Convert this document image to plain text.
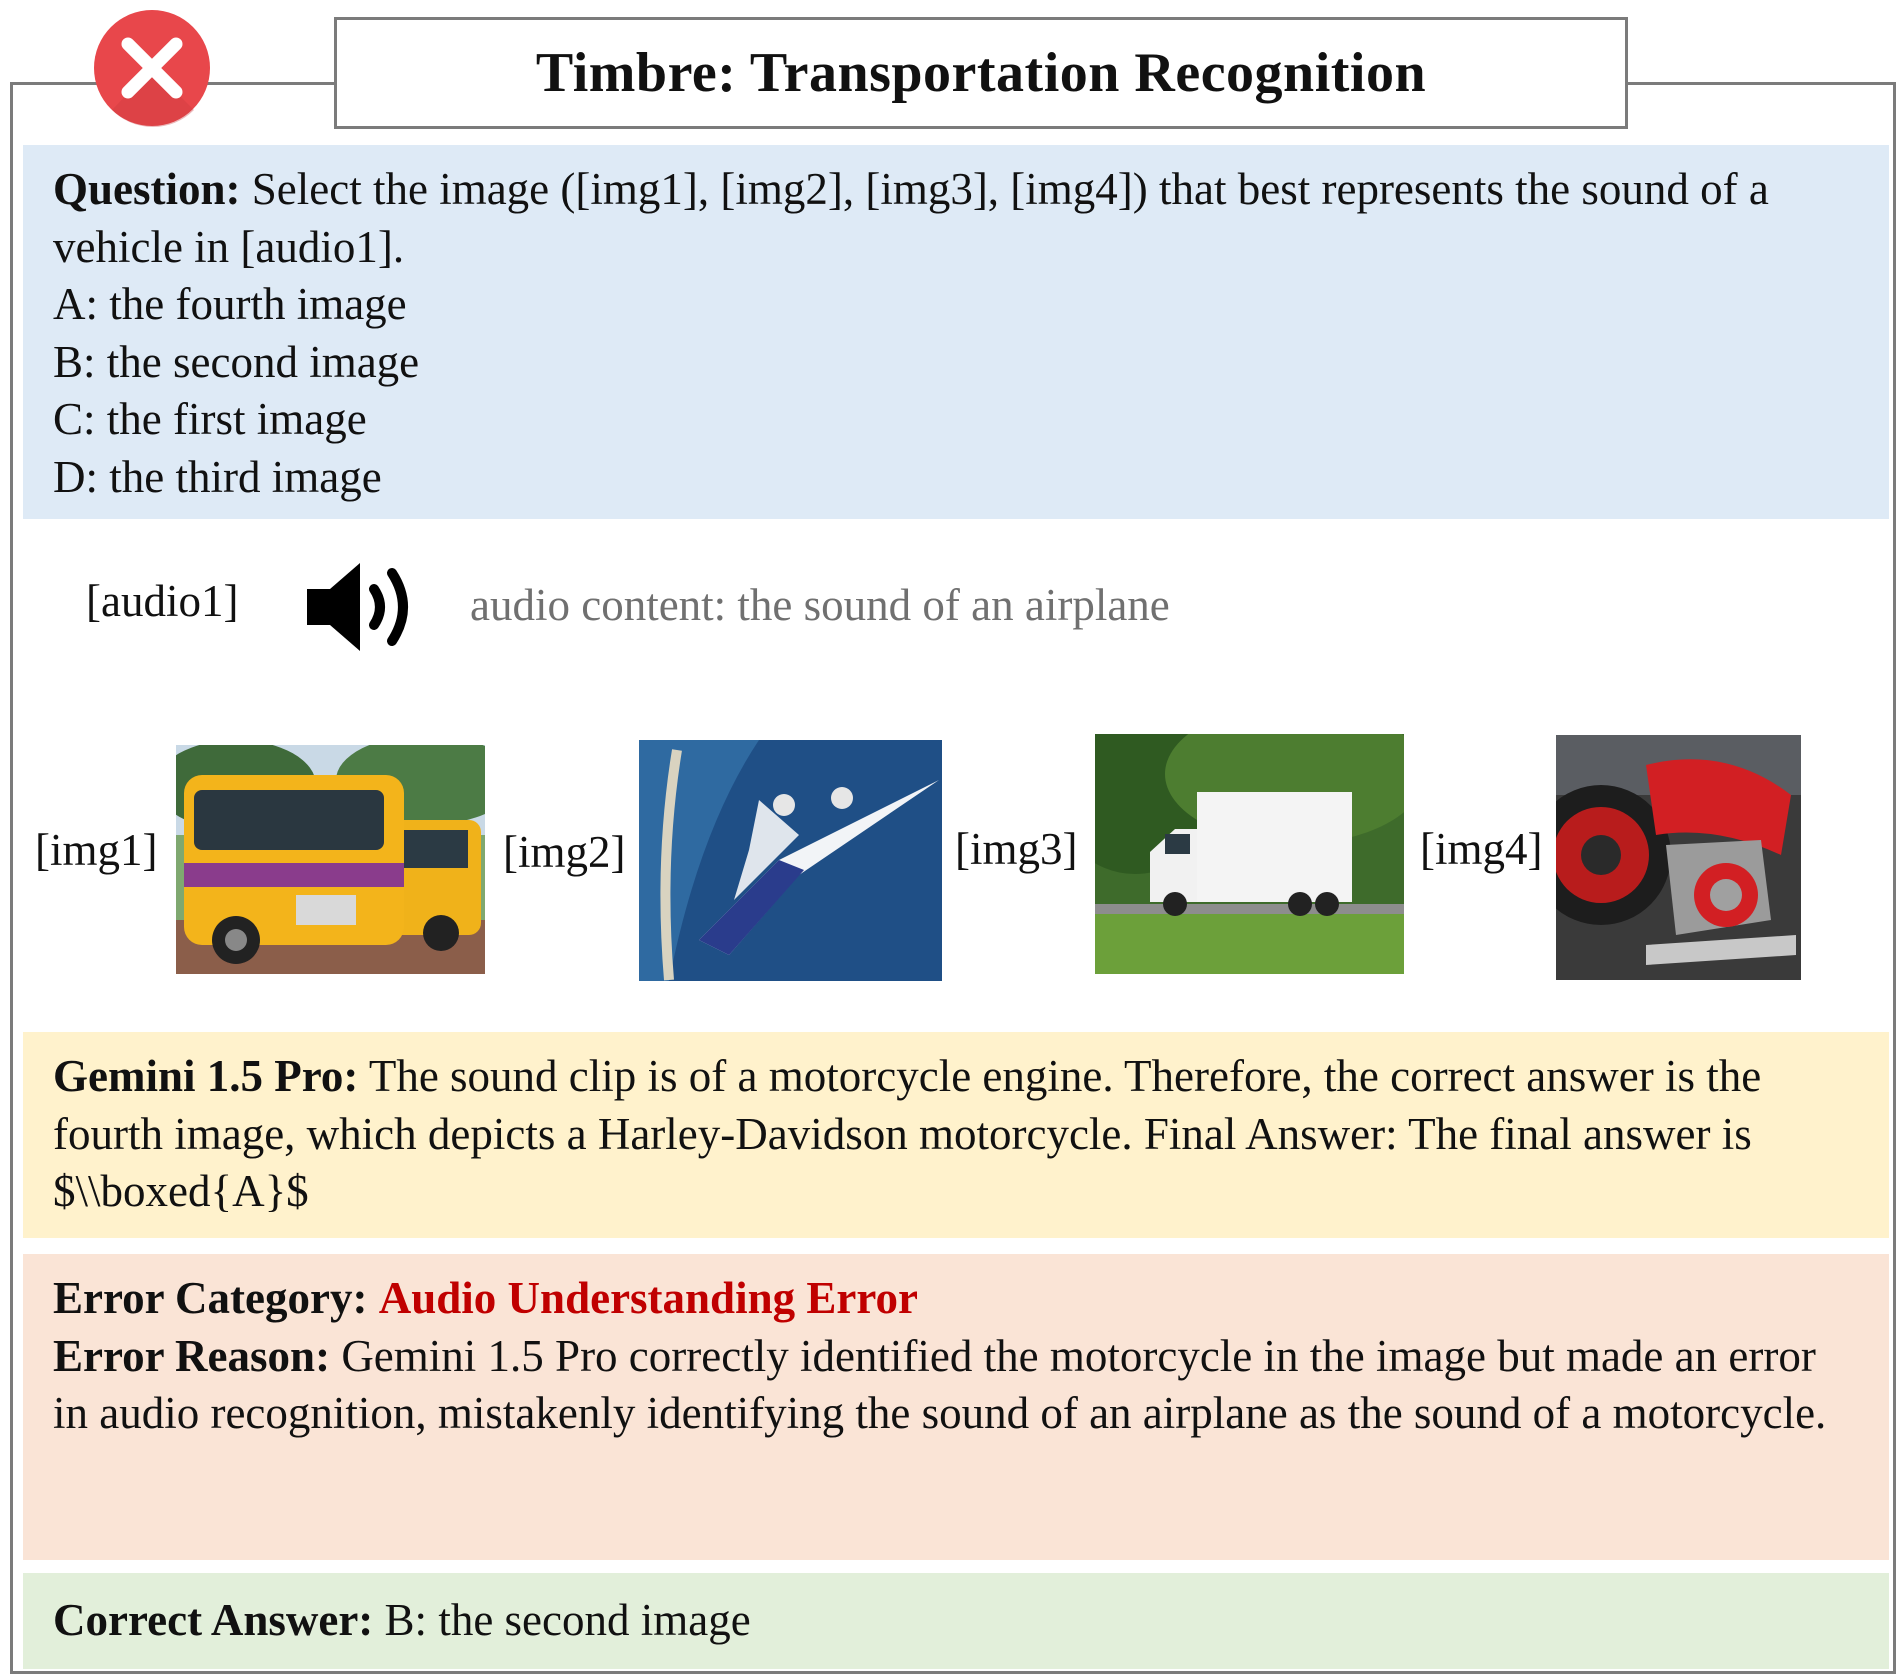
Timbre: Transportation Recognition

Question: Select the image ([img1], [img2], [img3], [img4]) that best represents the sound of a vehicle in [audio1].

A: the fourth image

B: the second image

C: the first image

D: the third image

[audio1]	audio content: the sound of an airplane
[img1]	[img2]	[img3]	[img4]

Gemini 1.5 Pro: The sound clip is of a motorcycle engine. Therefore, the correct answer is the fourth image, which depicts a Harley-Davidson motorcycle. Final Answer: The final answer is $\\boxed{A}$

Error Category: Audio Understanding Error

Error Reason: Gemini 1.5 Pro correctly identified the motorcycle in the image but made an error in audio recognition, mistakenly identifying the sound of an airplane as the sound of a motorcycle.

Correct Answer: B: the second image
